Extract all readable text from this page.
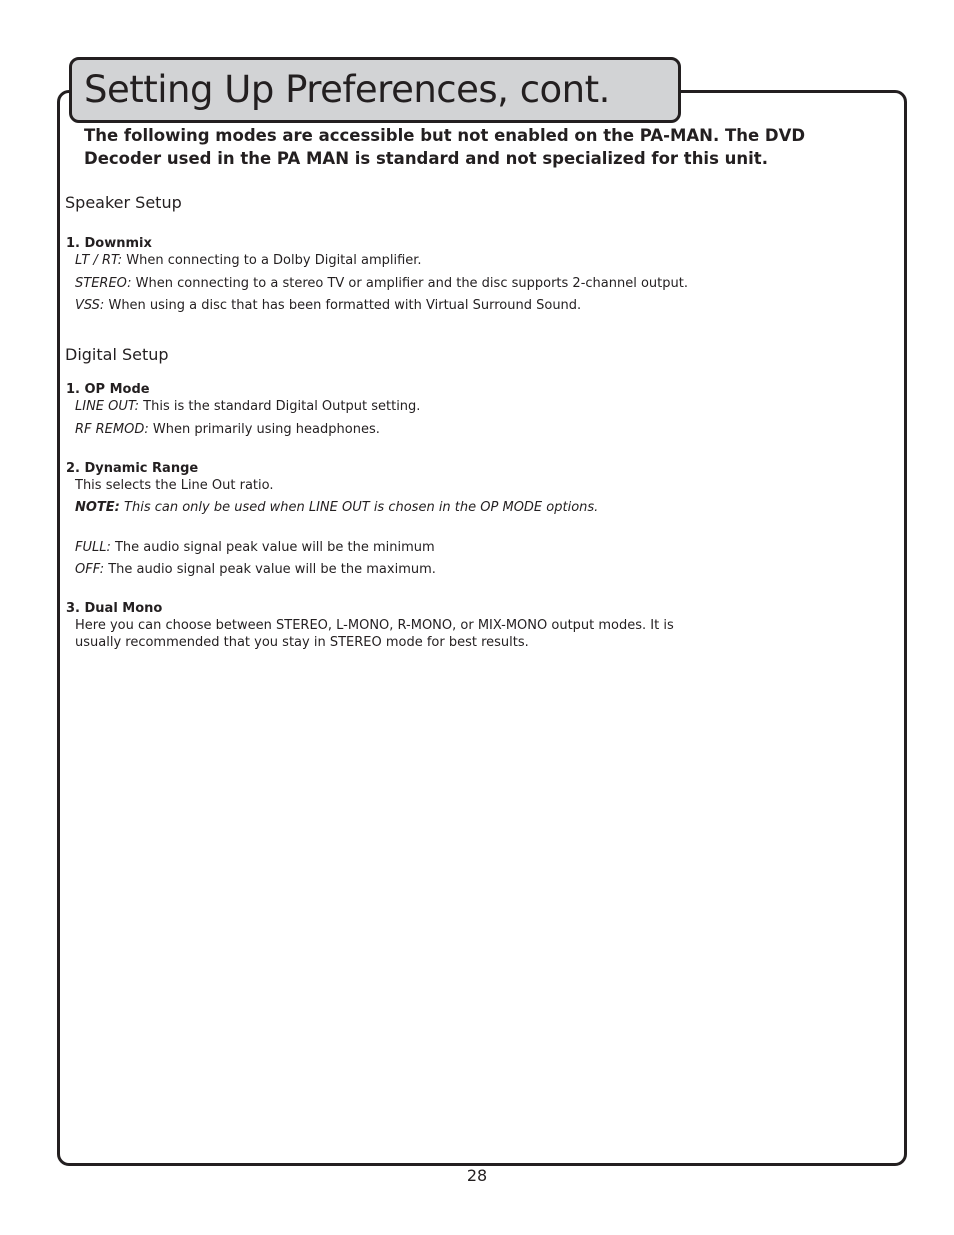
Setting Up Preferences, cont.

The following modes are accessible but not enabled on the PA-MAN. The DVD

Decoder used in the PA MAN is standard and not specialized for this unit.

Speaker Setup
1. Downmix
LT / RT: When connecting to a Dolby Digital amplifier.
STEREO: When connecting to a stereo TV or amplifier and the disc supports 2-channel output.
VSS: When using a disc that has been formatted with Virtual Surround Sound.
Digital Setup
1. OP Mode
LINE OUT: This is the standard Digital Output setting.
RF REMOD: When primarily using headphones.
2. Dynamic Range
This selects the Line Out ratio.
NOTE: This can only be used when LINE OUT is chosen in the OP MODE options.
FULL: The audio signal peak value will be the minimum
OFF: The audio signal peak value will be the maximum.
3. Dual Mono
Here you can choose between STEREO, L-MONO, R-MONO, or MIX-MONO output modes. It is
usually recommended that you stay in STEREO mode for best results.
28
